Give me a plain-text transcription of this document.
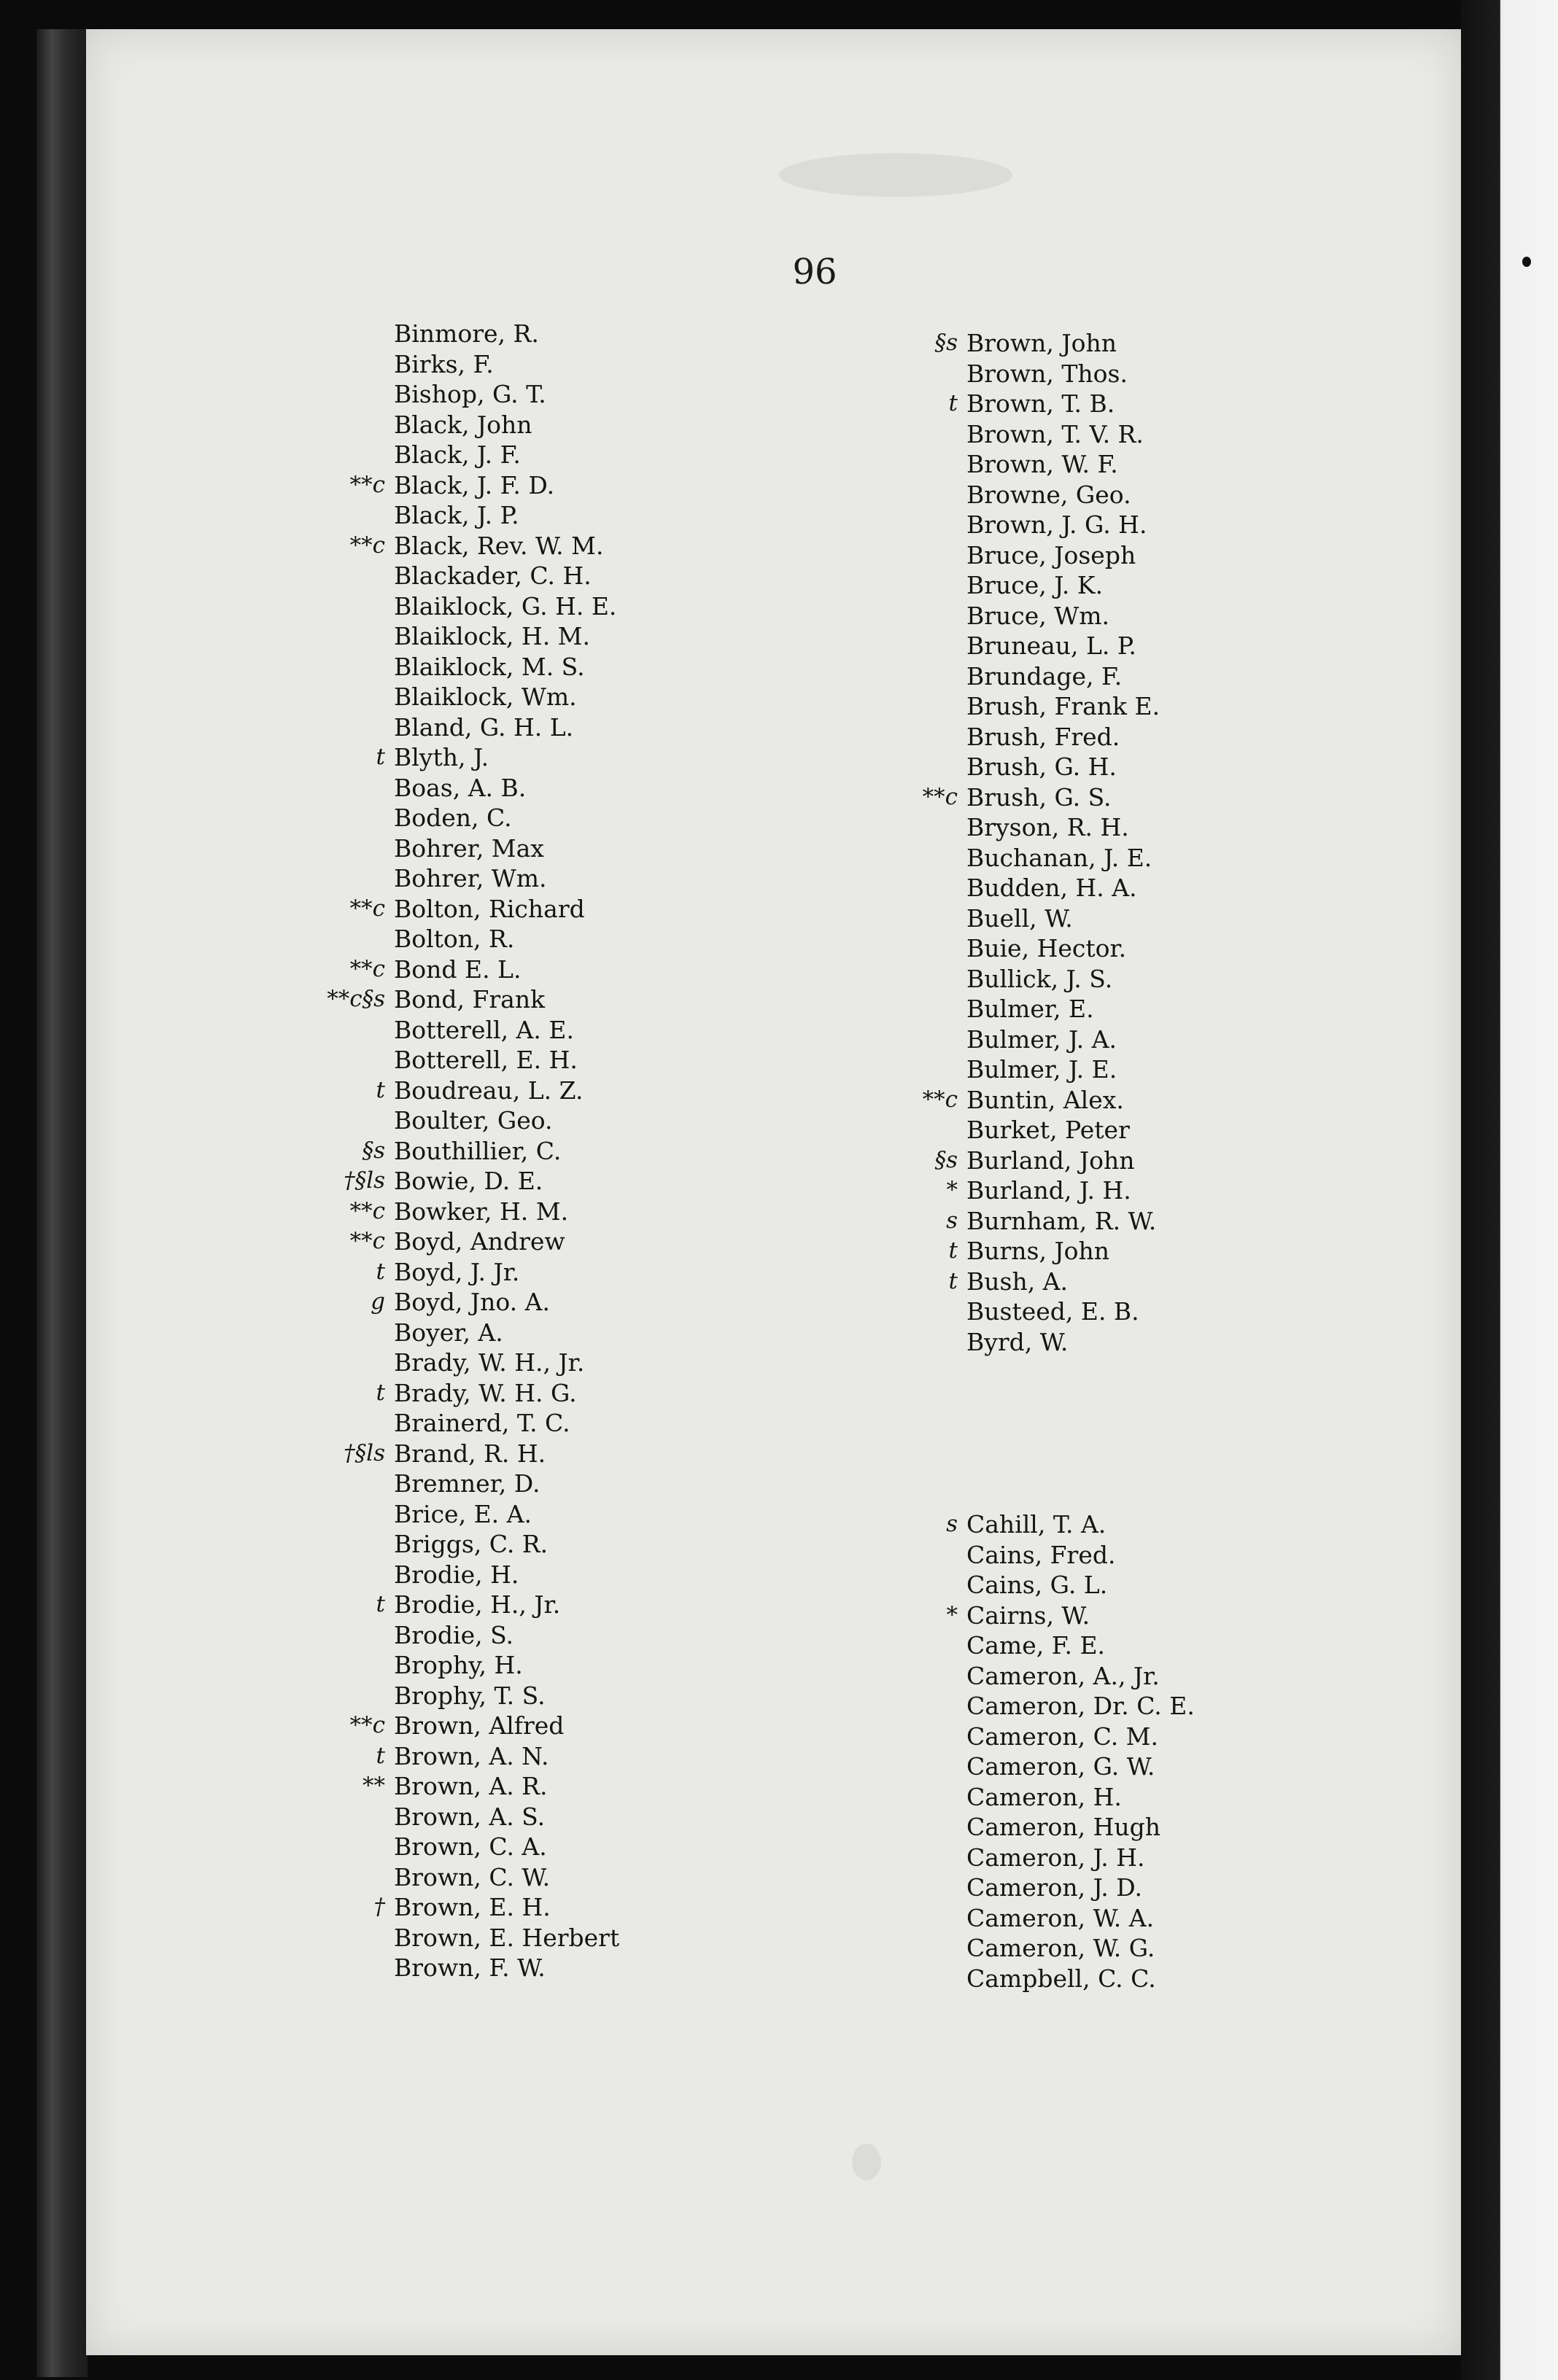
96
Binmore, R.
Birks, F.
Bishop, G. T.
Black, John
Black, J. F.
**c Black, J. F. D.
Black, J. P.
**c Black, Rev. W. M.
Blackader, C. H.
Blaiklock, G. H. E.
Blaiklock, H. M.
Blaiklock, M. S.
Blaiklock, Wm.
Bland, G. H. L.
t Blyth, J.
Boas, A. B.
Boden, C.
Bohrer, Max
Bohrer, Wm.
**c Bolton, Richard
Bolton, R.
**c Bond E. L.
**c§s Bond, Frank
Botterell, A. E.
Botterell, E. H.
t Boudreau, L. Z.
Boulter, Geo.
§s Bouthillier, C.
†§ls Bowie, D. E.
**c Bowker, H. M.
**c Boyd, Andrew
t Boyd, J. Jr.
g Boyd, Jno. A.
Boyer, A.
Brady, W. H., Jr.
t Brady, W. H. G.
Brainerd, T. C.
†§ls Brand, R. H.
Bremner, D.
Brice, E. A.
Briggs, C. R.
Brodie, H.
t Brodie, H., Jr.
Brodie, S.
Brophy, H.
Brophy, T. S.
**c Brown, Alfred
t Brown, A. N.
** Brown, A. R.
Brown, A. S.
Brown, C. A.
Brown, C. W.
† Brown, E. H.
Brown, E. Herbert
Brown, F. W.
§s Brown, John
Brown, Thos.
t Brown, T. B.
Brown, T. V. R.
Brown, W. F.
Browne, Geo.
Brown, J. G. H.
Bruce, Joseph
Bruce, J. K.
Bruce, Wm.
Bruneau, L. P.
Brundage, F.
Brush, Frank E.
Brush, Fred.
Brush, G. H.
**c Brush, G. S.
Bryson, R. H.
Buchanan, J. E.
Budden, H. A.
Buell, W.
Buie, Hector.
Bullick, J. S.
Bulmer, E.
Bulmer, J. A.
Bulmer, J. E.
**c Buntin, Alex.
Burket, Peter
§s Burland, John
* Burland, J. H.
s Burnham, R. W.
t Burns, John
t Bush, A.
Busteed, E. B.
Byrd, W.
s Cahill, T. A.
Cains, Fred.
Cains, G. L.
* Cairns, W.
Came, F. E.
Cameron, A., Jr.
Cameron, Dr. C. E.
Cameron, C. M.
Cameron, G. W.
Cameron, H.
Cameron, Hugh
Cameron, J. H.
Cameron, J. D.
Cameron, W. A.
Cameron, W. G.
Campbell, C. C.
